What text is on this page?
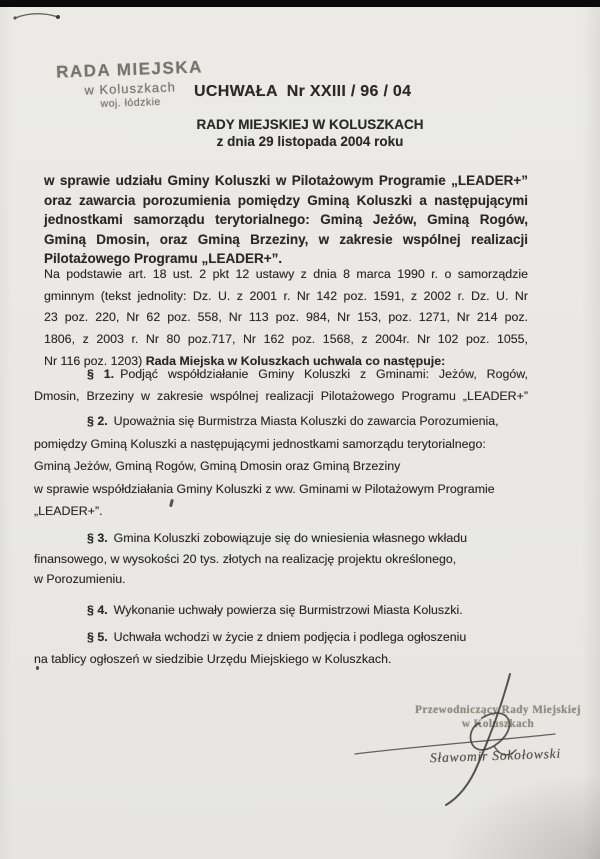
RADA MIEJSKA
w Koluszkach
woj. łódzkie
UCHWAŁA  Nr XXIII / 96 / 04
RADY MIEJSKIEJ W KOLUSZKACH
z dnia 29 listopada 2004 roku
w sprawie udziału Gminy Koluszki w Pilotażowym Programie „LEADER+”
oraz zawarcia porozumienia pomiędzy Gminą Koluszki a następującymi
jednostkami samorządu terytorialnego: Gminą Jeżów, Gminą Rogów,
Gminą Dmosin, oraz Gminą Brzeziny, w zakresie wspólnej realizacji
Pilotażowego Programu „LEADER+”.
Na podstawie art. 18 ust. 2 pkt 12 ustawy z dnia 8 marca 1990 r. o samorządzie
gminnym (tekst jednolity: Dz. U. z 2001 r. Nr 142 poz. 1591, z 2002 r. Dz. U. Nr
23 poz. 220, Nr 62 poz. 558, Nr 113 poz. 984, Nr 153, poz. 1271, Nr 214 poz.
1806, z 2003 r. Nr 80 poz.717, Nr 162 poz. 1568, z 2004r. Nr 102 poz. 1055,
Nr 116 poz. 1203) Rada Miejska w Koluszkach uchwala co następuje:
§ 1. Podjąć współdziałanie Gminy Koluszki z Gminami: Jeżów, Rogów,
Dmosin, Brzeziny w zakresie wspólnej realizacji Pilotażowego Programu „LEADER+”
§ 2. Upoważnia się Burmistrza Miasta Koluszki do zawarcia Porozumienia,
pomiędzy Gminą Koluszki a następującymi jednostkami samorządu terytorialnego:
Gminą Jeżów, Gminą Rogów, Gminą Dmosin oraz Gminą Brzeziny
w sprawie współdziałania Gminy Koluszki z ww. Gminami w Pilotażowym Programie
„LEADER+”.
§ 3. Gmina Koluszki zobowiązuje się do wniesienia własnego wkładu
finansowego, w wysokości 20 tys. złotych na realizację projektu określonego,
w Porozumieniu.
§ 4. Wykonanie uchwały powierza się Burmistrzowi Miasta Koluszki.
§ 5. Uchwała wchodzi w życie z dniem podjęcia i podlega ogłoszeniu
na tablicy ogłoszeń w siedzibie Urzędu Miejskiego w Koluszkach.
Przewodniczący Rady Miejskiej
w Koluszkach
Sławomir Sokołowski
